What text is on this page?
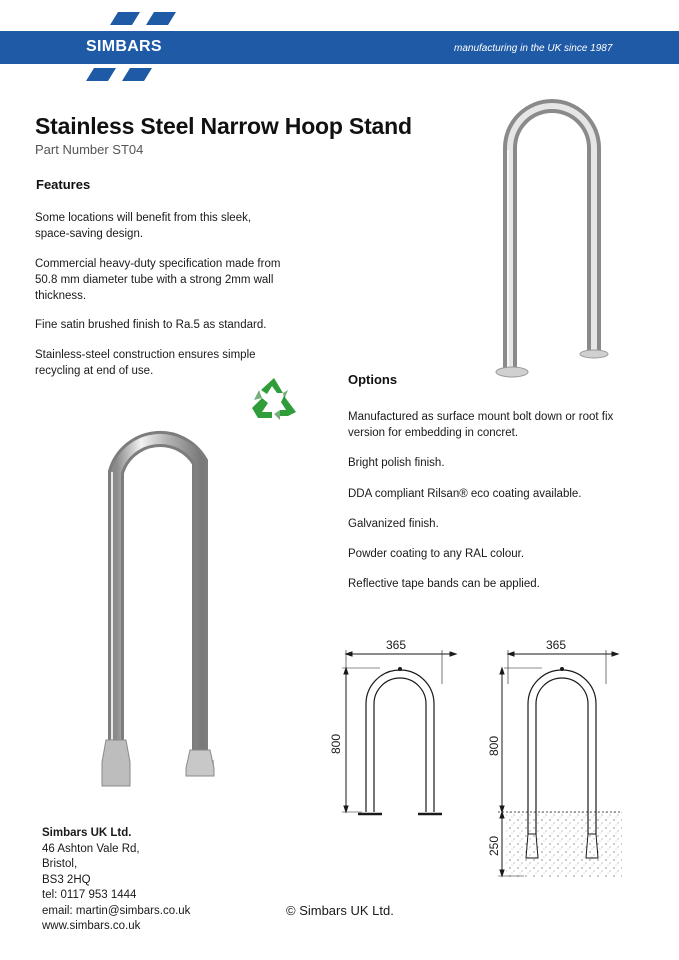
SIMBARS	manufacturing in the UK since 1987
Stainless Steel Narrow Hoop Stand
Part Number ST04
Features
Some locations will benefit from this sleek,
space-saving design.
Commercial heavy-duty specification made from
50.8 mm diameter tube with a strong 2mm wall
thickness.
Fine satin brushed finish to Ra.5 as standard.
Stainless-steel construction ensures simple
recycling at end of use.
Options
Manufactured as surface mount bolt down or root fix
version for embedding in concret.
Bright polish finish.
DDA compliant Rilsan® eco coating available.
Galvanized finish.
Powder coating to any RAL colour.
Reflective tape bands can be applied.
365
800
365
800
250
Simbars UK Ltd.
46 Ashton Vale Rd,
Bristol,
BS3 2HQ
tel: 0117 953 1444
email: martin@simbars.co.uk
www.simbars.co.uk
© Simbars UK Ltd.
